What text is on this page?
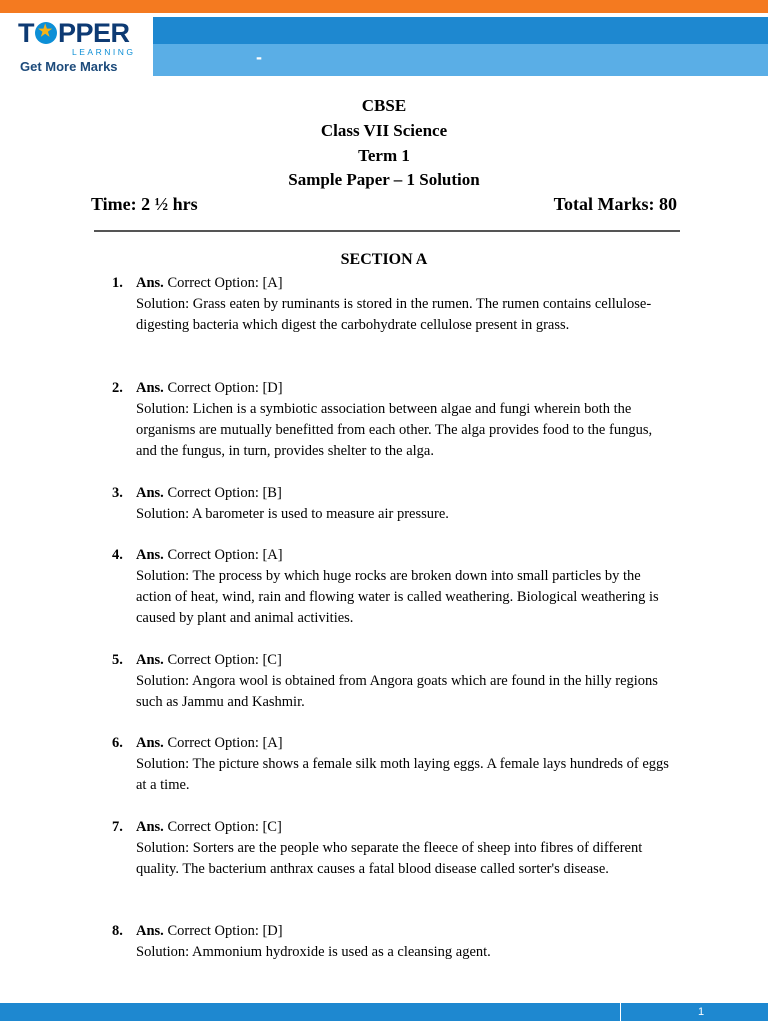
T★ PPER
LEARNING
Get More Marks	-
CBSE
Class VII Science
Term 1
Sample Paper – 1 Solution
Time: 2 ½ hrs	Total Marks: 80
SECTION A
1. Ans. Correct Option: [A]
Solution: Grass eaten by ruminants is stored in the rumen. The rumen contains cellulose-digesting bacteria which digest the carbohydrate cellulose present in grass.
2. Ans. Correct Option: [D]
Solution: Lichen is a symbiotic association between algae and fungi wherein both the organisms are mutually benefitted from each other. The alga provides food to the fungus, and the fungus, in turn, provides shelter to the alga.
3. Ans. Correct Option: [B]
Solution: A barometer is used to measure air pressure.
4. Ans. Correct Option: [A]
Solution: The process by which huge rocks are broken down into small particles by the action of heat, wind, rain and flowing water is called weathering. Biological weathering is caused by plant and animal activities.
5. Ans. Correct Option: [C]
Solution: Angora wool is obtained from Angora goats which are found in the hilly regions such as Jammu and Kashmir.
6. Ans. Correct Option: [A]
Solution: The picture shows a female silk moth laying eggs. A female lays hundreds of eggs at a time.
7. Ans. Correct Option: [C]
Solution: Sorters are the people who separate the fleece of sheep into fibres of different quality. The bacterium anthrax causes a fatal blood disease called sorter's disease.
8. Ans. Correct Option: [D]
Solution: Ammonium hydroxide is used as a cleansing agent.
1
